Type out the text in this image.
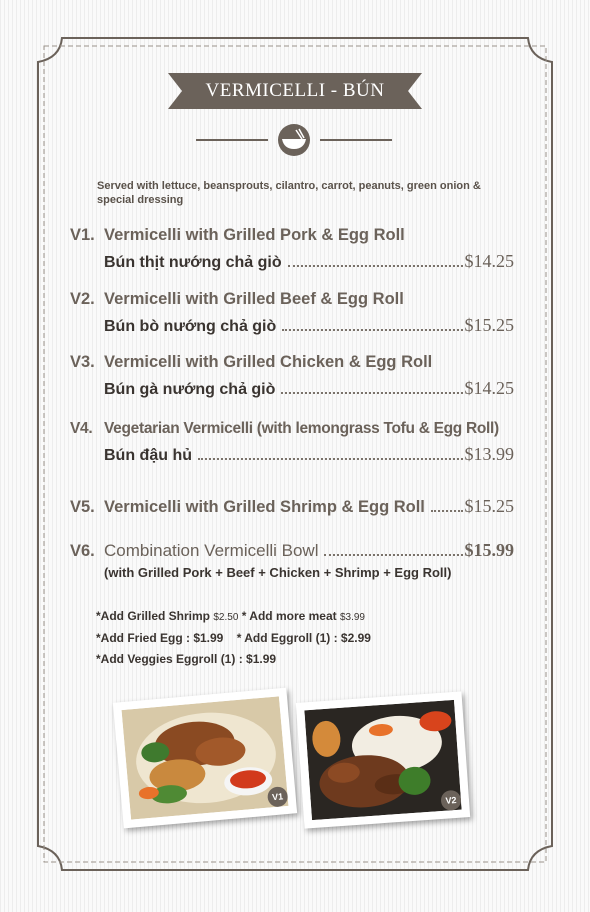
VERMICELLI - BÚN
Served with lettuce, beansprouts, cilantro, carrot, peanuts, green onion & special dressing
V1. Vermicelli with Grilled Pork & Egg Roll
Bún thịt nướng chả giò	$14.25
V2. Vermicelli with Grilled Beef & Egg Roll
Bún bò nướng chả giò	$15.25
V3. Vermicelli with Grilled Chicken & Egg Roll
Bún gà nướng chả giò	$14.25
V4. Vegetarian Vermicelli (with lemongrass Tofu & Egg Roll)
Bún đậu hủ	$13.99
V5. Vermicelli with Grilled Shrimp & Egg Roll $15.25
V6. Combination Vermicelli Bowl	$15.99
(with Grilled Pork + Beef + Chicken + Shrimp + Egg Roll)
*Add Grilled Shrimp $2.50 * Add more meat $3.99
*Add Fried Egg : $1.99    * Add Eggroll (1) : $2.99
*Add Veggies Eggroll (1) : $1.99
V1	V2
